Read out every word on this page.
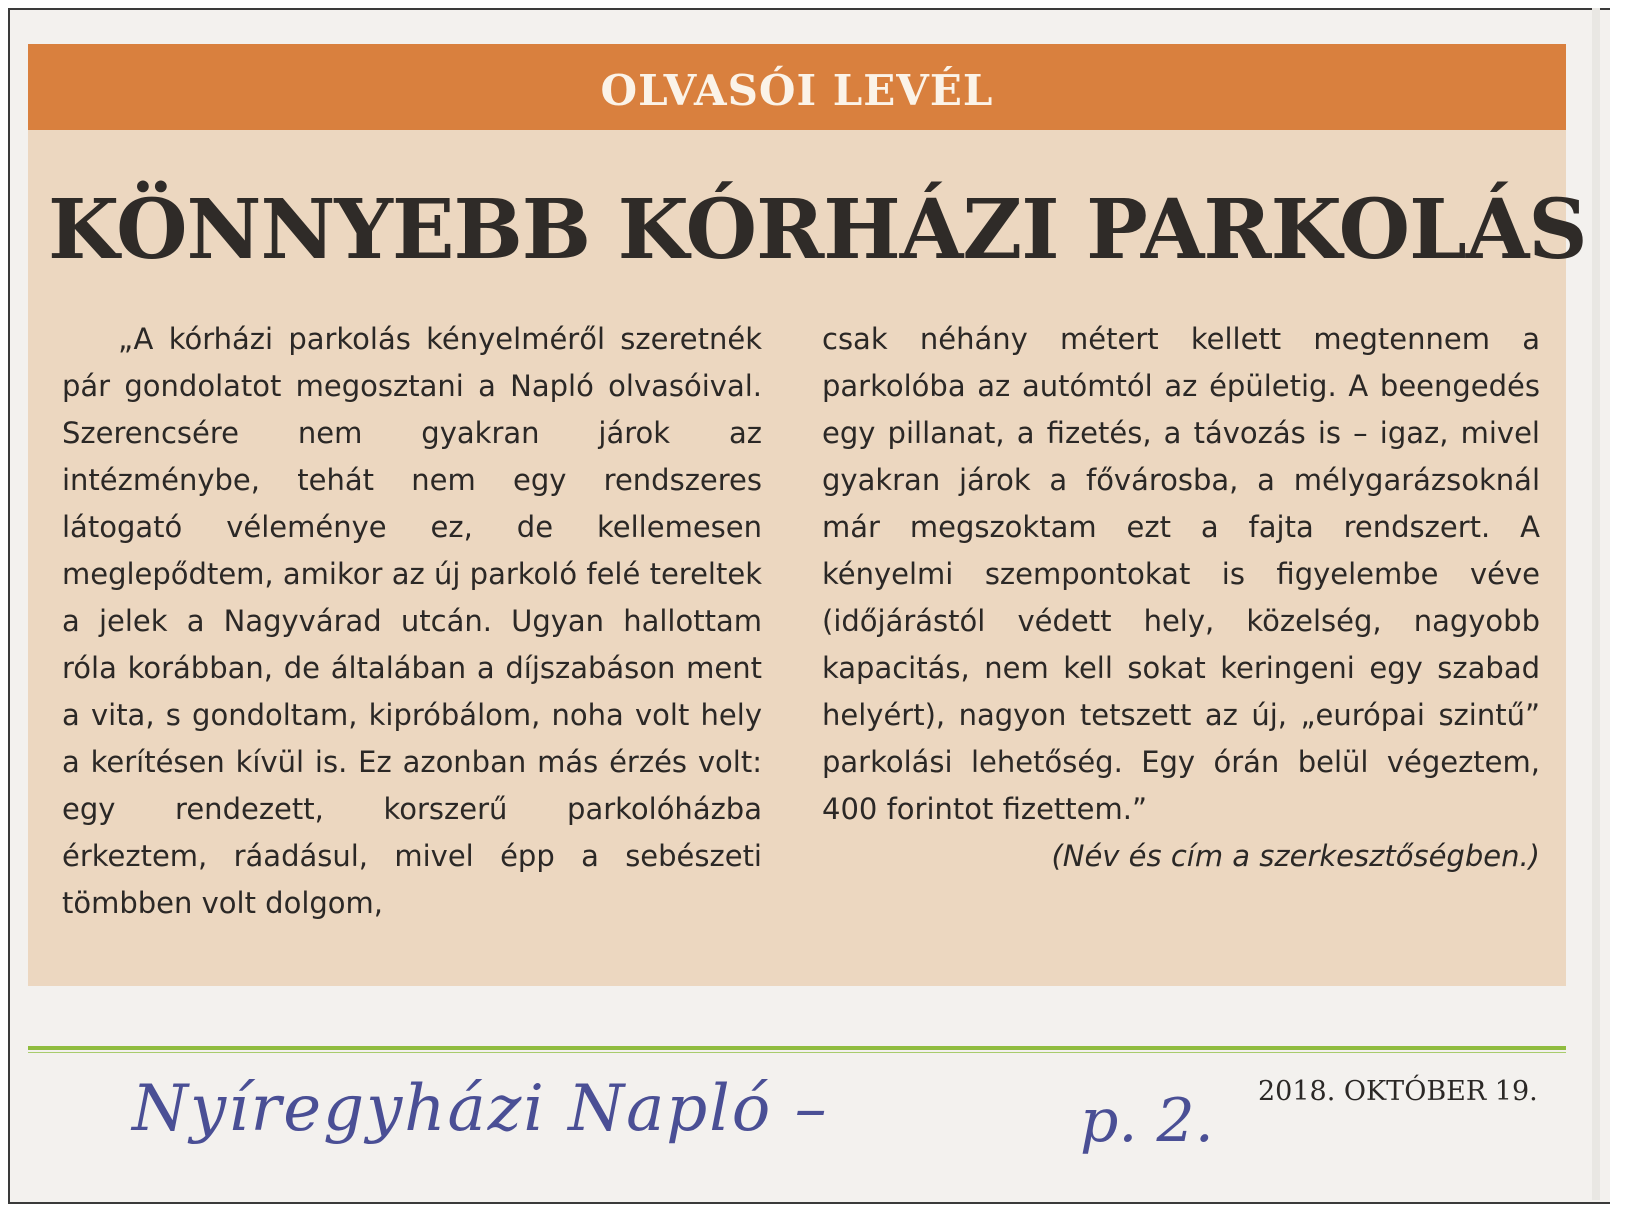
OLVASÓI LEVÉL
KÖNNYEBB KÓRHÁZI PARKOLÁS

„A kórházi parkolás kényelméről szeretnék pár gondolatot megosztani a Napló olvasóival. Szerencsére nem gyakran járok az intézménybe, tehát nem egy rendszeres látogató véleménye ez, de kellemesen meglepődtem, amikor az új parkoló felé tereltek a jelek a Nagyvárad utcán. Ugyan hallottam róla korábban, de általában a díjszabáson ment a vita, s gondoltam, kipróbálom, noha volt hely a kerítésen kívül is. Ez azonban más érzés volt: egy rendezett, korszerű parkolóházba érkeztem, ráadásul, mivel épp a sebészeti tömbben volt dolgom,

csak néhány métert kellett megtennem a parkolóba az autómtól az épületig. A beengedés egy pillanat, a fizetés, a távozás is – igaz, mivel gyakran járok a fővárosba, a mélygarázsoknál már megszoktam ezt a fajta rendszert. A kényelmi szempontokat is figyelembe véve (időjárástól védett hely, közelség, nagyobb kapacitás, nem kell sokat keringeni egy szabad helyért), nagyon tetszett az új, „európai szintű” parkolási lehetőség. Egy órán belül végeztem, 400 forintot fizettem.”

(Név és cím a szerkesztőségben.)

Nyíregyházi Napló –	p. 2. 2018. OKTÓBER 19.
